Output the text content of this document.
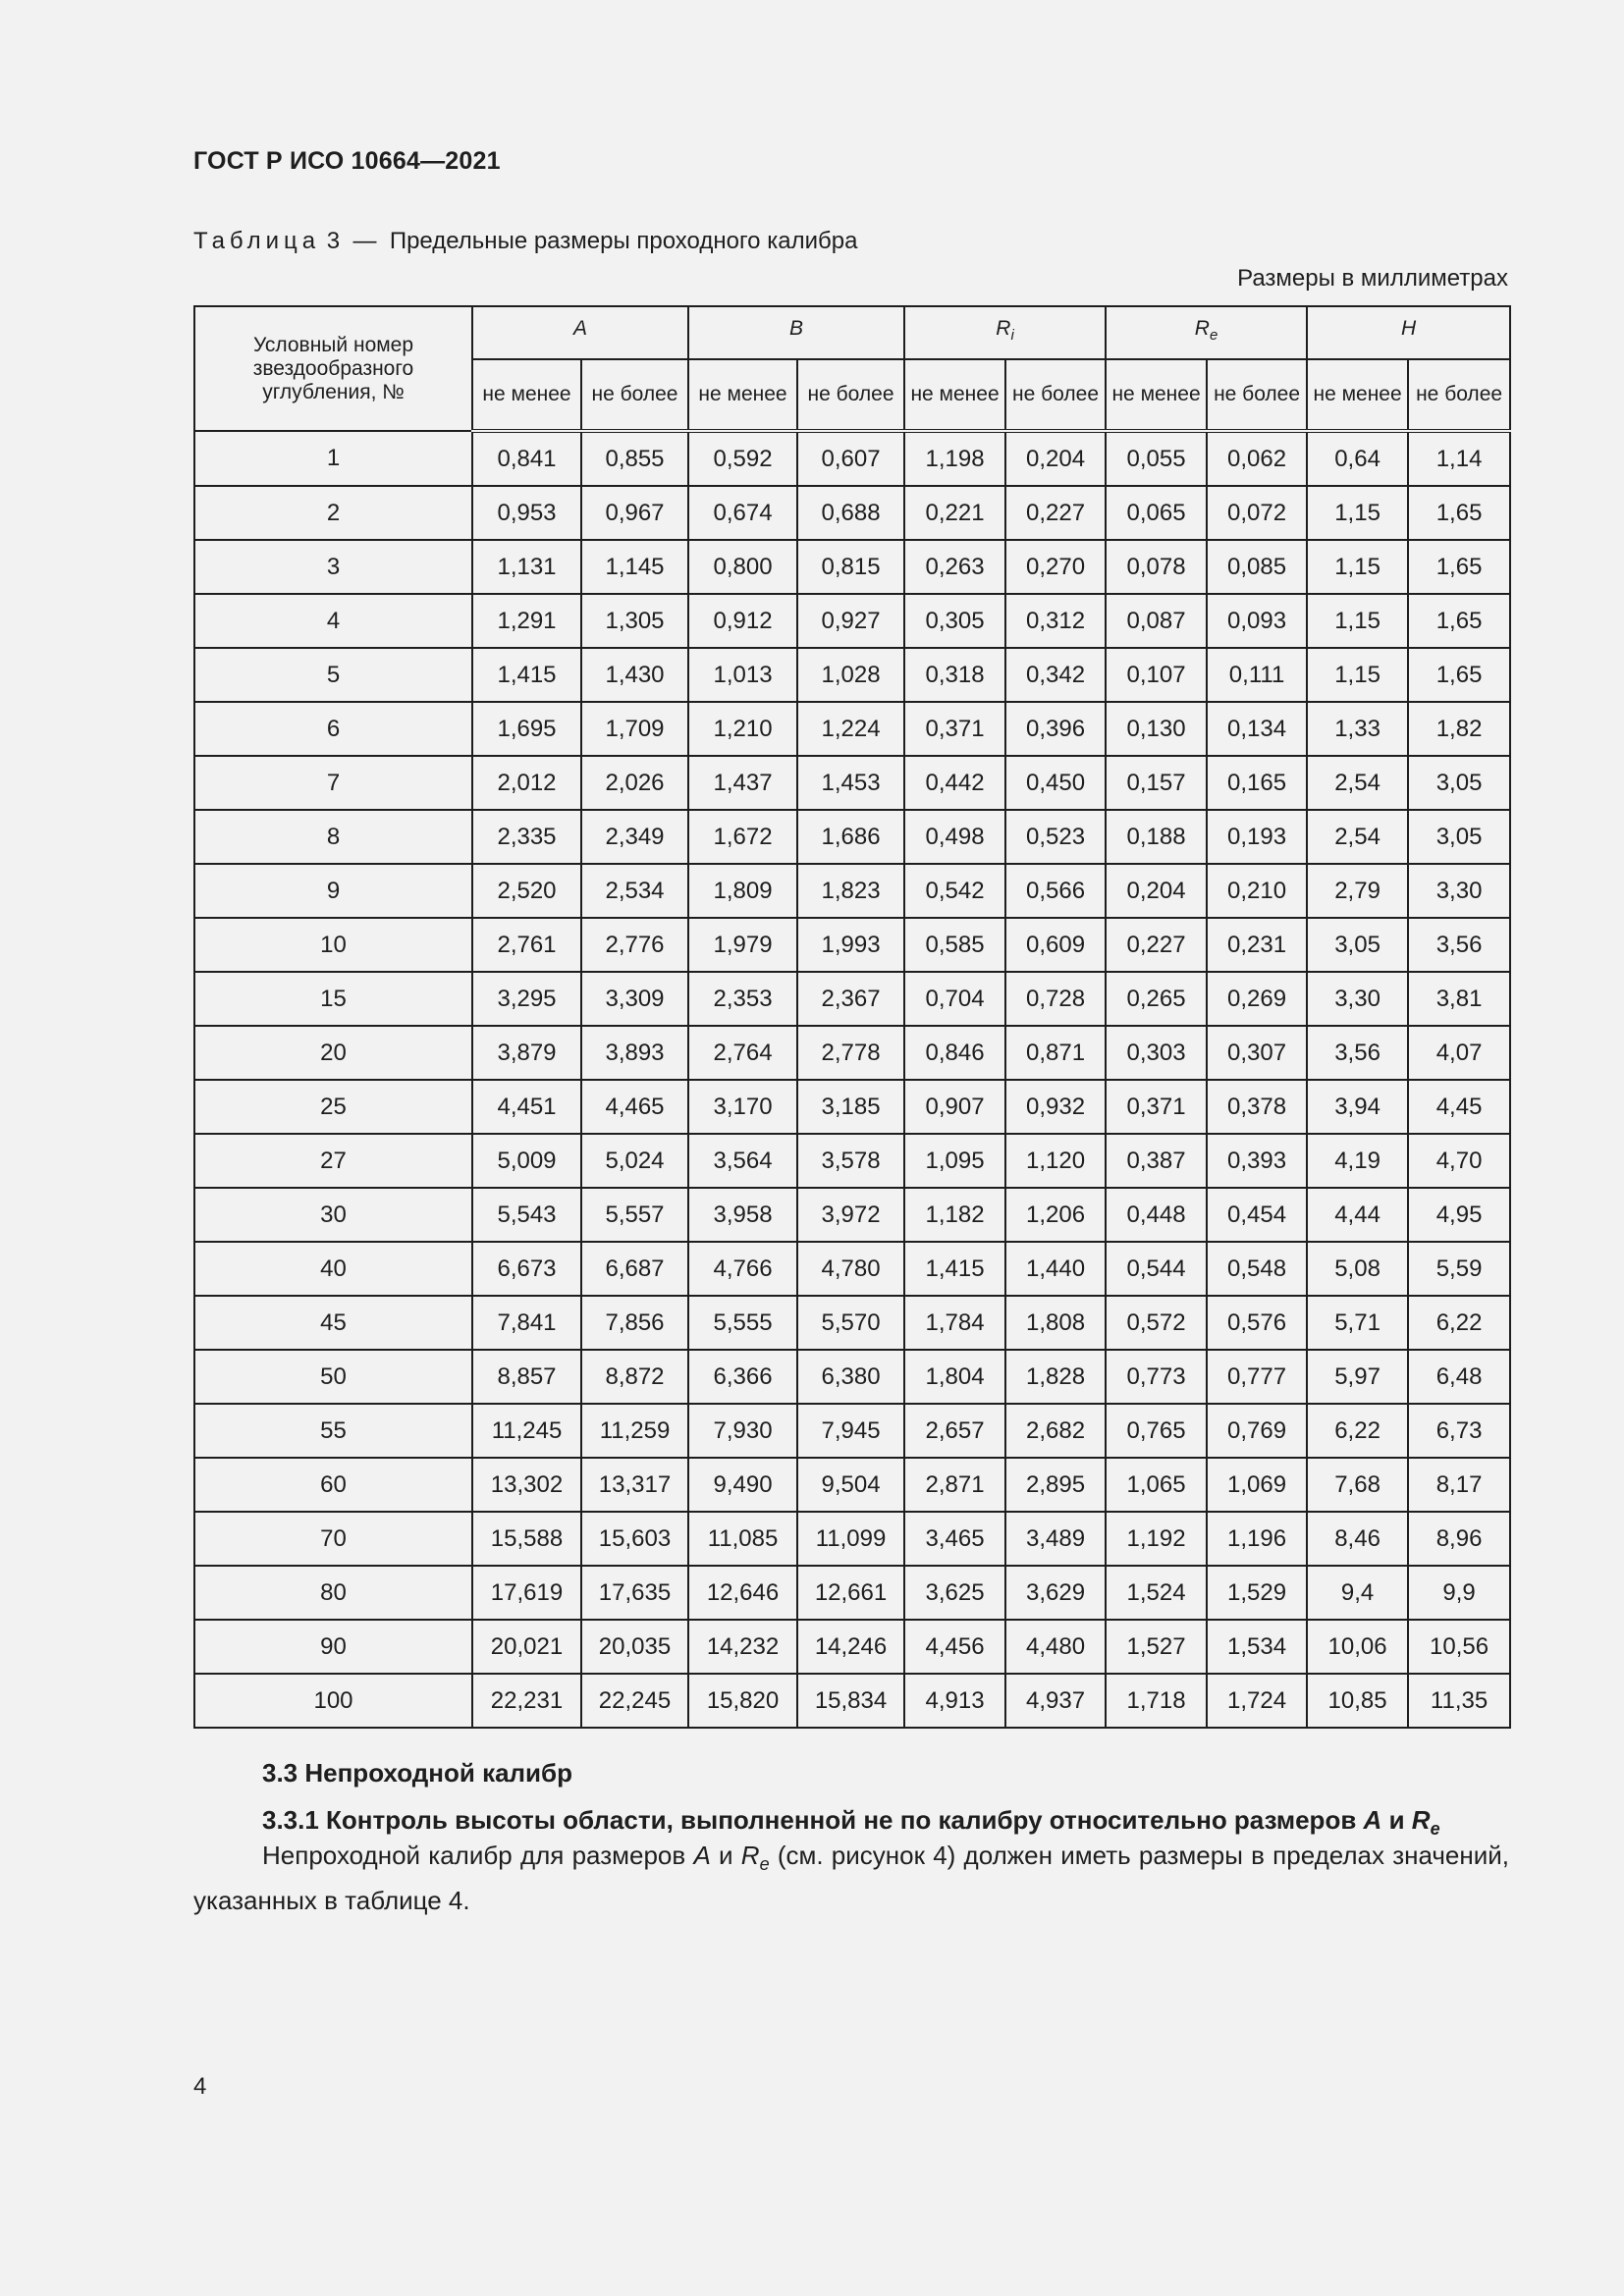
ГОСТ Р ИСО 10664—2021
Таблица 3 — Предельные размеры проходного калибра
Размеры в миллиметрах
Условный номер звездообразного углубления, №	A		B		$R_i$		$R_e$		H	
	не менее	не более	не менее	не более	не менее	не более	не менее	не более	не менее	не более
1	0,841	0,855	0,592	0,607	1,198	0,204	0,055	0,062	0,64	1,14
2	0,953	0,967	0,674	0,688	0,221	0,227	0,065	0,072	1,15	1,65
3	1,131	1,145	0,800	0,815	0,263	0,270	0,078	0,085	1,15	1,65
4	1,291	1,305	0,912	0,927	0,305	0,312	0,087	0,093	1,15	1,65
5	1,415	1,430	1,013	1,028	0,318	0,342	0,107	0,111	1,15	1,65
6	1,695	1,709	1,210	1,224	0,371	0,396	0,130	0,134	1,33	1,82
7	2,012	2,026	1,437	1,453	0,442	0,450	0,157	0,165	2,54	3,05
8	2,335	2,349	1,672	1,686	0,498	0,523	0,188	0,193	2,54	3,05
9	2,520	2,534	1,809	1,823	0,542	0,566	0,204	0,210	2,79	3,30
10	2,761	2,776	1,979	1,993	0,585	0,609	0,227	0,231	3,05	3,56
15	3,295	3,309	2,353	2,367	0,704	0,728	0,265	0,269	3,30	3,81
20	3,879	3,893	2,764	2,778	0,846	0,871	0,303	0,307	3,56	4,07
25	4,451	4,465	3,170	3,185	0,907	0,932	0,371	0,378	3,94	4,45
27	5,009	5,024	3,564	3,578	1,095	1,120	0,387	0,393	4,19	4,70
30	5,543	5,557	3,958	3,972	1,182	1,206	0,448	0,454	4,44	4,95
40	6,673	6,687	4,766	4,780	1,415	1,440	0,544	0,548	5,08	5,59
45	7,841	7,856	5,555	5,570	1,784	1,808	0,572	0,576	5,71	6,22
50	8,857	8,872	6,366	6,380	1,804	1,828	0,773	0,777	5,97	6,48
55	11,245	11,259	7,930	7,945	2,657	2,682	0,765	0,769	6,22	6,73
60	13,302	13,317	9,490	9,504	2,871	2,895	1,065	1,069	7,68	8,17
70	15,588	15,603	11,085	11,099	3,465	3,489	1,192	1,196	8,46	8,96
80	17,619	17,635	12,646	12,661	3,625	3,629	1,524	1,529	9,4	9,9
90	20,021	20,035	14,232	14,246	4,456	4,480	1,527	1,534	10,06	10,56
100	22,231	22,245	15,820	15,834	4,913	4,937	1,718	1,724	10,85	11,35
3.3 Непроходной калибр
3.3.1 Контроль высоты области, выполненной не по калибру относительно размеров A и $R_e$
Непроходной калибр для размеров A и $R_e$ (см. рисунок 4) должен иметь размеры в пределах значений, указанных в таблице 4.
4
